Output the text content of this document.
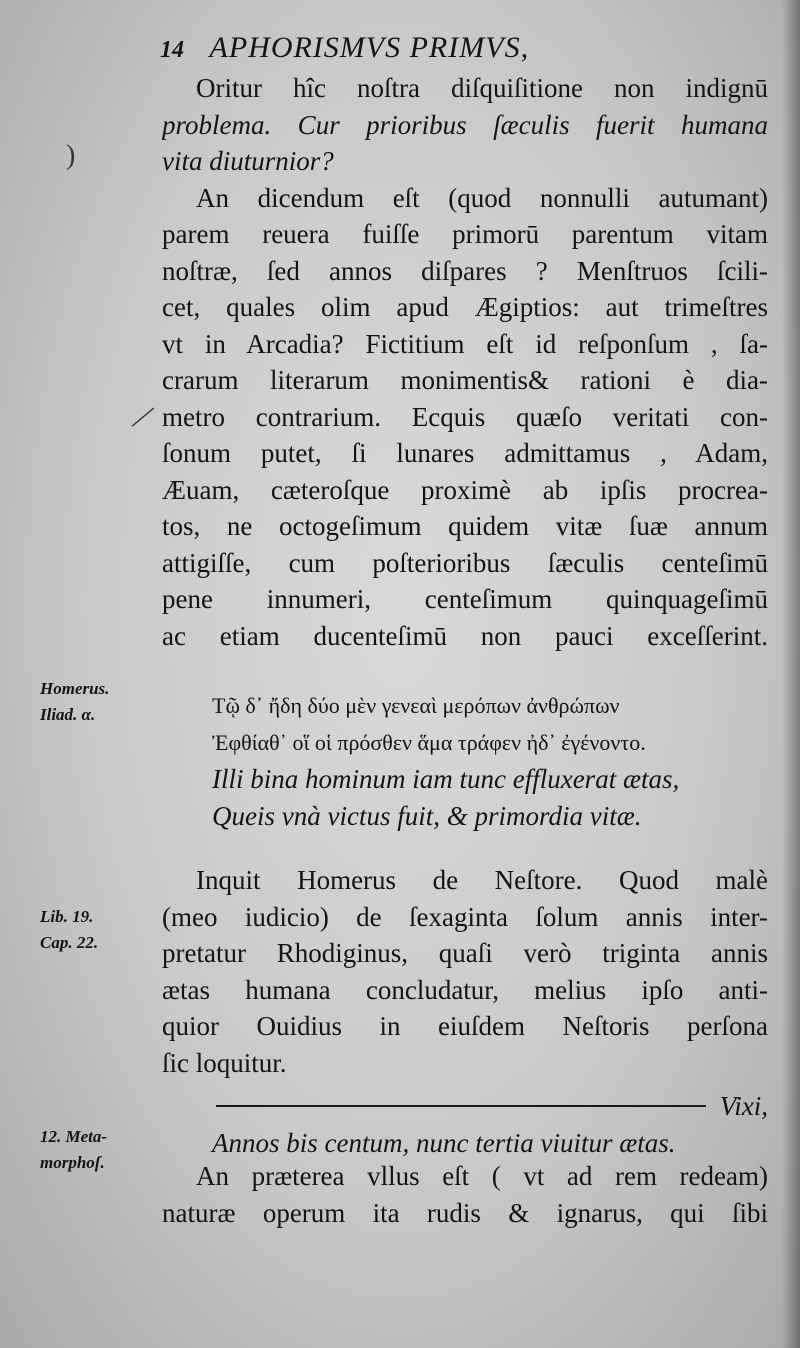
14 APHORISMVS PRIMVS,
Oritur hîc noſtra diſquiſitione non indignū
problema. Cur prioribus ſæculis fuerit humana
vita diuturnior?
An dicendum eſt (quod nonnulli autumant)
parem reuera fuiſſe primorū parentum vitam
noſtræ, ſed annos diſpares ? Menſtruos ſcili-
cet, quales olim apud Ægiptios: aut trimeſtres
vt in Arcadia? Fictitium eſt id reſponſum , ſa-
crarum literarum monimentis& rationi è dia-
metro contrarium. Ecquis quæſo veritati con-
ſonum putet, ſi lunares admittamus , Adam,
Æuam, cæteroſque proximè ab ipſis procrea-
tos, ne octogeſimum quidem vitæ ſuæ annum
attigiſſe, cum poſterioribus ſæculis centeſimū
pene innumeri, centeſimum quinquageſimū
ac etiam ducenteſimū non pauci exceſſerint.
Τῷ δ᾽ ἤδη δύο μὲν γενεαὶ μερόπων ἀνθρώπων
Ἐφθίαθ᾽ οἵ οἱ πρόσθεν ἅμα τράφεν ἠδ᾽ ἐγένοντο.
Illi bina hominum iam tunc effluxerat ætas,
Queis vnà victus fuit, & primordia vitæ.
Inquit Homerus de Neſtore. Quod malè
(meo iudicio) de ſexaginta ſolum annis inter-
pretatur Rhodiginus, quaſi verò triginta annis
ætas humana concludatur, melius ipſo anti-
quior Ouidius in eiuſdem Neſtoris perſona
ſic loquitur.
Vixi,
Annos bis centum, nunc tertia viuitur ætas.
An præterea vllus eſt ( vt ad rem redeam)
naturæ operum ita rudis & ignarus, qui ſibi
Homerus.
Iliad. α.
Lib. 19.
Cap. 22.
12. Meta-
morphoſ.
)
—
